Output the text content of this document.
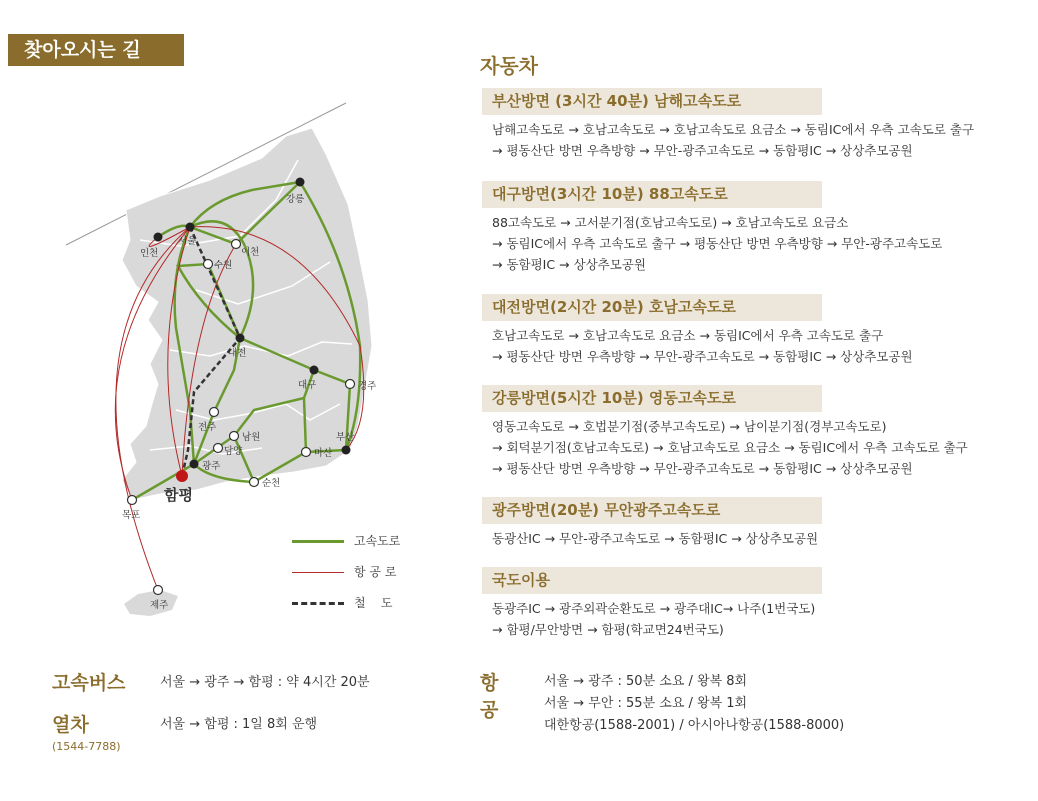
찾아오시는 길
강릉
서울
인천	이천
수원
대전
대구	경주
부산
마산
전주
남원
담양
광주
순천
목포
제주
함평
고속도로
항 공 로
철    도
고속버스	서울 → 광주 → 함평 : 약 4시간 20분
열차	서울 → 함평 : 1일 8회 운행
(1544-7788)
자동차
부산방면 (3시간 40분) 남해고속도로
남해고속도로 → 호남고속도로 → 호남고속도로 요금소 → 동림IC에서 우측 고속도로 출구
→ 평동산단 방면 우측방향 → 무안-광주고속도로 → 동함평IC → 상상추모공원
대구방면(3시간 10분) 88고속도로
88고속도로 → 고서분기점(호남고속도로) → 호남고속도로 요금소
→ 동림IC에서 우측 고속도로 출구 → 평동산단 방면 우측방향 → 무안-광주고속도로
→ 동함평IC → 상상추모공원
대전방면(2시간 20분) 호남고속도로
호남고속도로 → 호남고속도로 요금소 → 동림IC에서 우측 고속도로 출구
→ 평동산단 방면 우측방향 → 무안-광주고속도로 → 동함평IC → 상상추모공원
강릉방면(5시간 10분) 영동고속도로
영동고속도로 → 호법분기점(중부고속도로) → 남이분기점(경부고속도로)
→ 회덕분기점(호남고속도로) → 호남고속도로 요금소 → 동림IC에서 우측 고속도로 출구
→ 평동산단 방면 우측방향 → 무안-광주고속도로 → 동함평IC → 상상추모공원
광주방면(20분) 무안광주고속도로
동광산IC → 무안-광주고속도로 → 동함평IC → 상상추모공원
국도이용
동광주IC → 광주외곽순환도로 → 광주대IC→ 나주(1번국도)
→ 함평/무안방면 → 함평(학교면24번국도)
항공
서울 → 광주 : 50분 소요 / 왕복 8회
서울 → 무안 : 55분 소요 / 왕복 1회
대한항공(1588-2001) / 아시아나항공(1588-8000)
